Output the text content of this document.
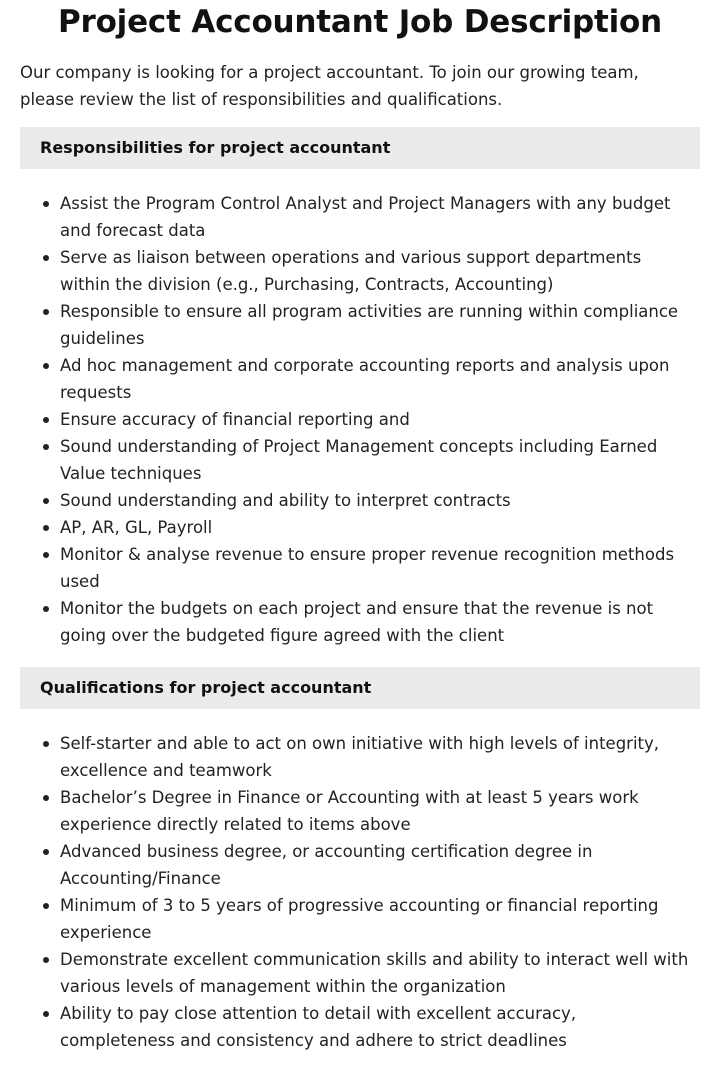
Project Accountant Job Description

Our company is looking for a project accountant. To join our growing team, please review the list of responsibilities and qualifications.

Responsibilities for project accountant
Assist the Program Control Analyst and Project Managers with any budget and forecast data
Serve as liaison between operations and various support departments within the division (e.g., Purchasing, Contracts, Accounting)
Responsible to ensure all program activities are running within compliance guidelines
Ad hoc management and corporate accounting reports and analysis upon requests
Ensure accuracy of financial reporting and
Sound understanding of Project Management concepts including Earned Value techniques
Sound understanding and ability to interpret contracts
AP, AR, GL, Payroll
Monitor & analyse revenue to ensure proper revenue recognition methods used
Monitor the budgets on each project and ensure that the revenue is not going over the budgeted figure agreed with the client
Qualifications for project accountant
Self-starter and able to act on own initiative with high levels of integrity, excellence and teamwork
Bachelor’s Degree in Finance or Accounting with at least 5 years work experience directly related to items above
Advanced business degree, or accounting certification degree in Accounting/Finance
Minimum of 3 to 5 years of progressive accounting or financial reporting experience
Demonstrate excellent communication skills and ability to interact well with various levels of management within the organization
Ability to pay close attention to detail with excellent accuracy, completeness and consistency and adhere to strict deadlines
